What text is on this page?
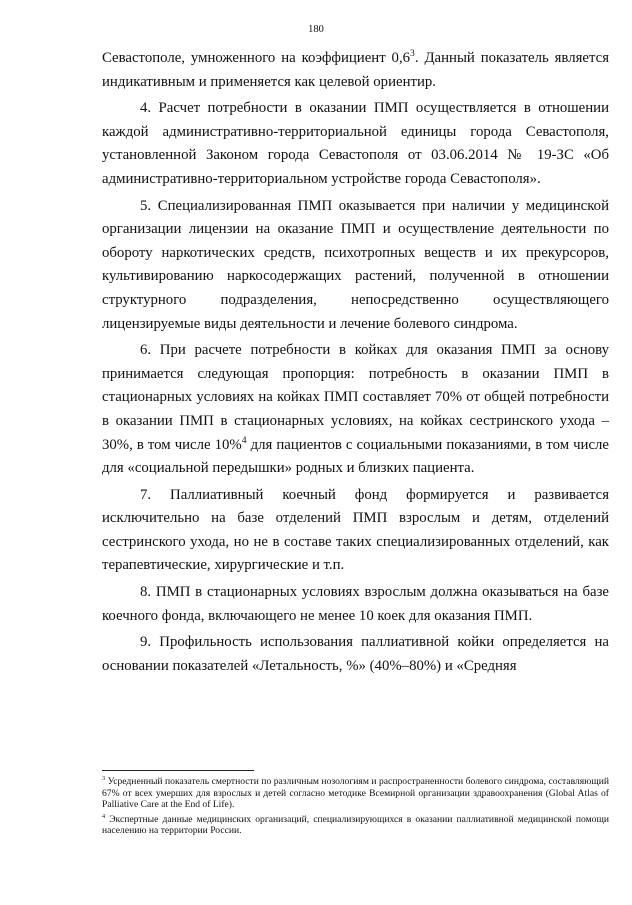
180

Севастополе, умноженного на коэффициент $0,6^3$. Данный показатель является индикативным и применяется как целевой ориентир.

4. Расчет потребности в оказании ПМП осуществляется в отношении каждой административно-территориальной единицы города Севастополя, установленной Законом города Севастополя от 03.06.2014 № 19-ЗС «Об административно-территориальном устройстве города Севастополя».

5. Специализированная ПМП оказывается при наличии у медицинской организации лицензии на оказание ПМП и осуществление деятельности по обороту наркотических средств, психотропных веществ и их прекурсоров, культивированию наркосодержащих растений, полученной в отношении структурного подразделения, непосредственно осуществляющего лицензируемые виды деятельности и лечение болевого синдрома.

6. При расчете потребности в койках для оказания ПМП за основу принимается следующая пропорция: потребность в оказании ПМП в стационарных условиях на койках ПМП составляет 70% от общей потребности в оказании ПМП в стационарных условиях, на койках сестринского ухода – 30%, в том числе 10%$^4$ для пациентов с социальными показаниями, в том числе для «социальной передышки» родных и близких пациента.

7. Паллиативный коечный фонд формируется и развивается исключительно на базе отделений ПМП взрослым и детям, отделений сестринского ухода, но не в составе таких специализированных отделений, как терапевтические, хирургические и т.п.

8. ПМП в стационарных условиях взрослым должна оказываться на базе коечного фонда, включающего не менее 10 коек для оказания ПМП.

9. Профильность использования паллиативной койки определяется на основании показателей «Летальность, %» (40%–80%) и «Средняя

$^3$ Усредненный показатель смертности по различным нозологиям и распространенности болевого синдрома, составляющий 67% от всех умерших для взрослых и детей согласно методике Всемирной организации здравоохранения (Global Atlas of Palliative Care at the End of Life).

$^4$ Экспертные данные медицинских организаций, специализирующихся в оказании паллиативной медицинской помощи населению на территории России.
